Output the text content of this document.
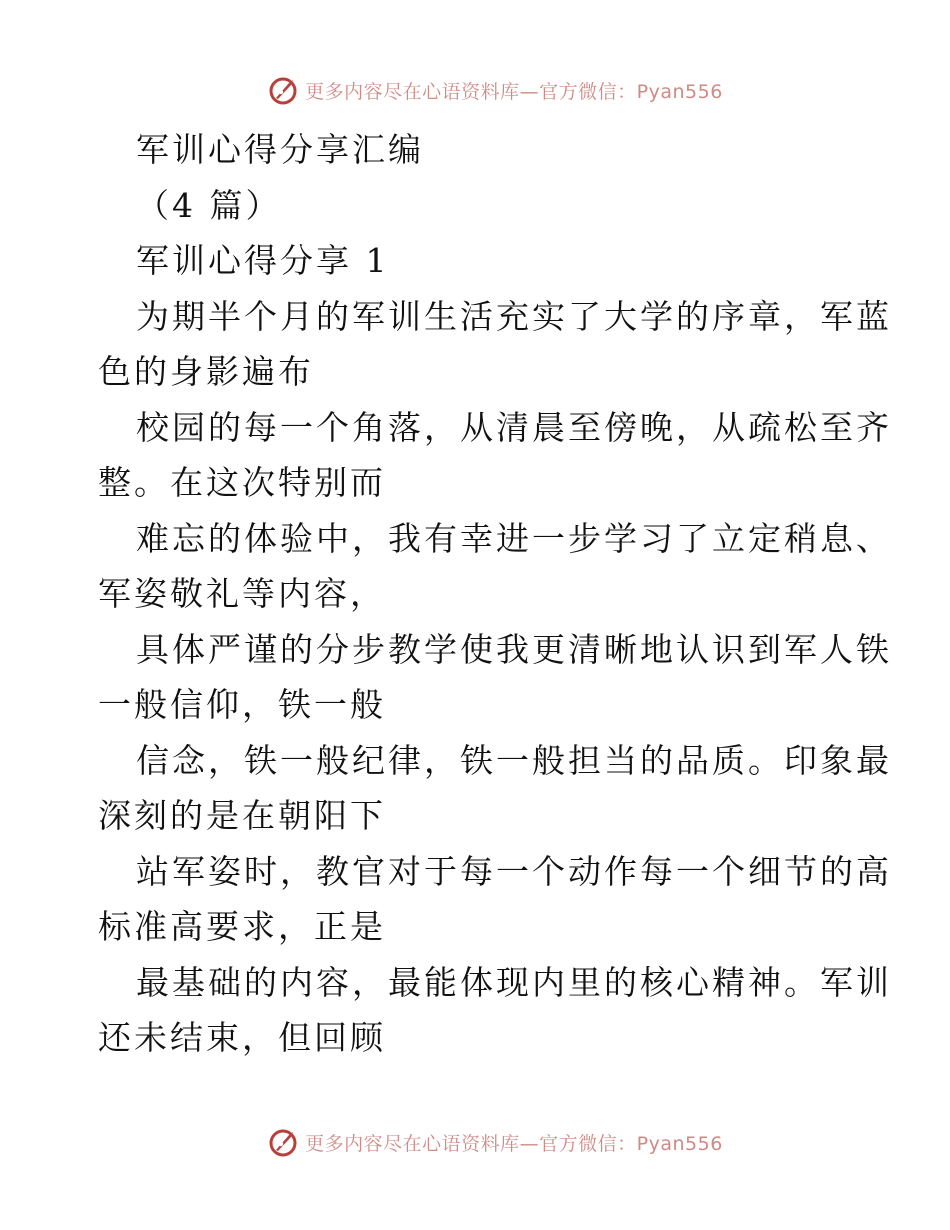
更多内容尽在心语资料库—官方微信：Pyan556
军训心得分享汇编
（4 篇）
军训心得分享 1
为期半个月的军训生活充实了大学的序章，军蓝
色的身影遍布
校园的每一个角落，从清晨至傍晚，从疏松至齐
整。在这次特别而
难忘的体验中，我有幸进一步学习了立定稍息、
军姿敬礼等内容，
具体严谨的分步教学使我更清晰地认识到军人铁
一般信仰，铁一般
信念，铁一般纪律，铁一般担当的品质。印象最
深刻的是在朝阳下
站军姿时，教官对于每一个动作每一个细节的高
标准高要求，正是
最基础的内容，最能体现内里的核心精神。军训
还未结束，但回顾
更多内容尽在心语资料库—官方微信：Pyan556
